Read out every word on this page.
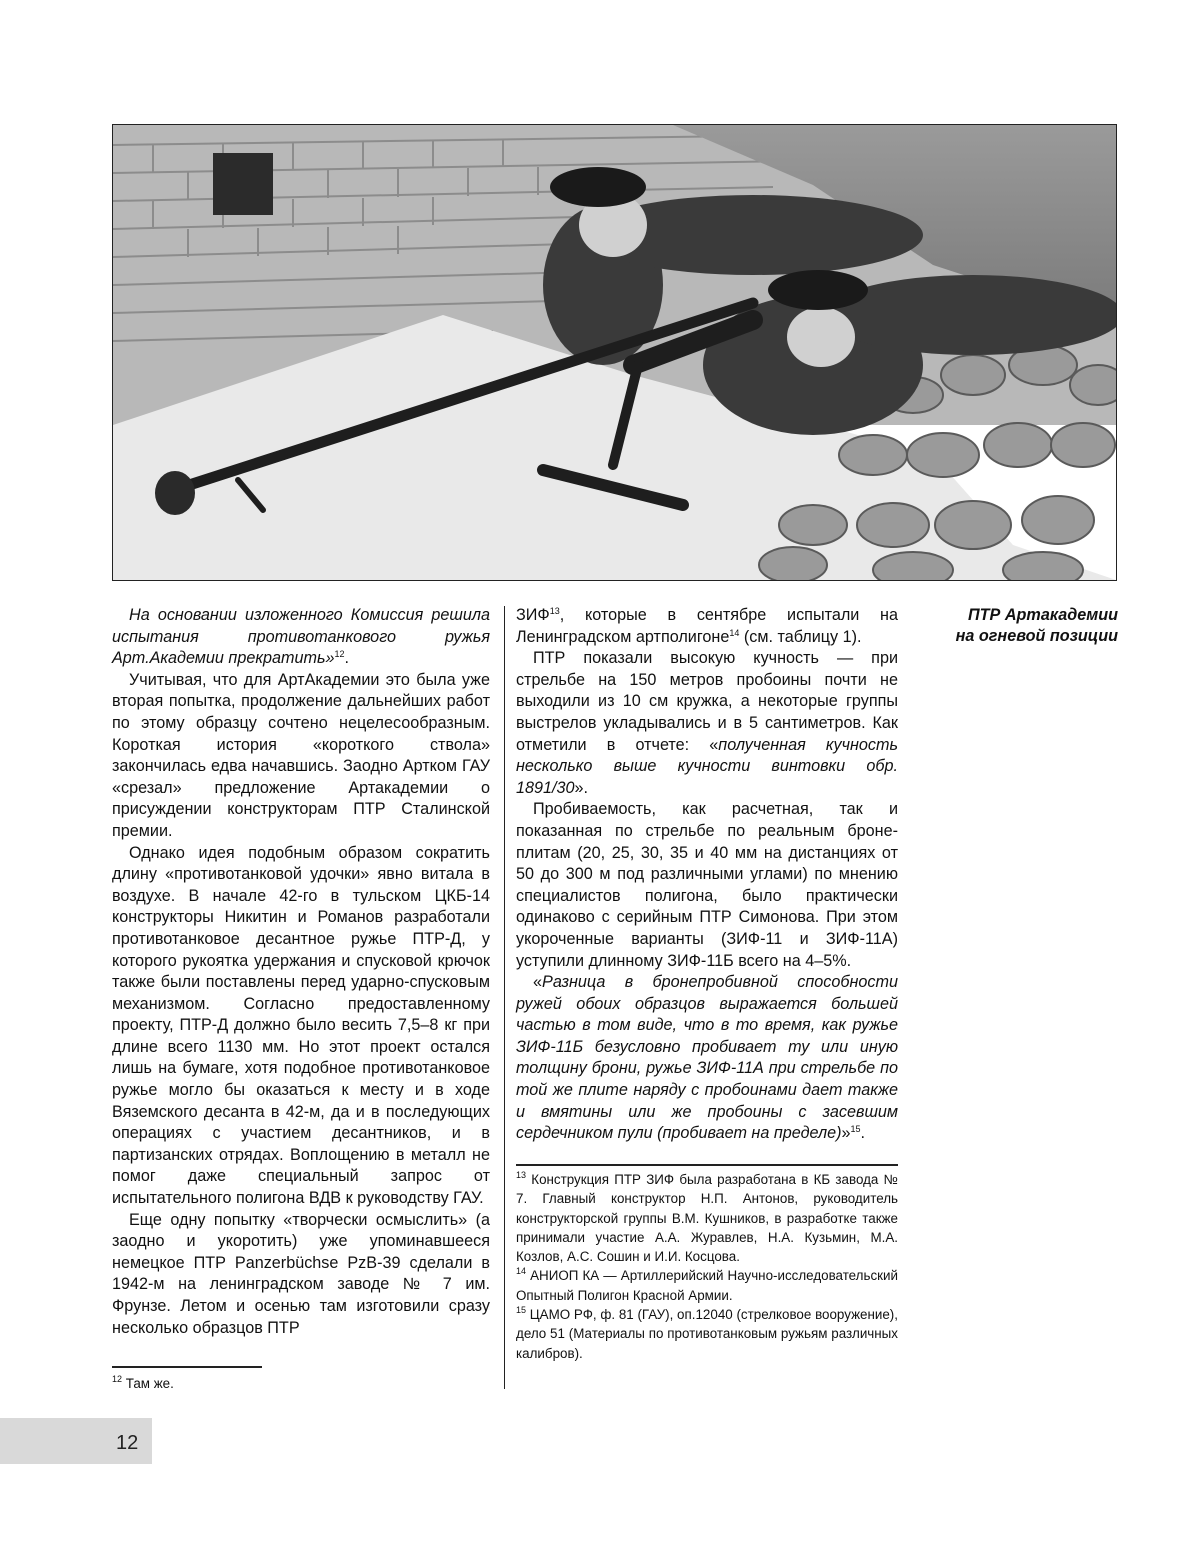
ПТР Артакадемии
на огневой позиции

На основании изложенного Комиссия решила испытания противотанкового ружья Арт.Академии прекратить»$^{12}$.

Учитывая, что для АртАкадемии это была уже вторая попытка, продолжение дальнейших работ по этому образцу сочтено нецелесообразным. Короткая история «короткого ствола» закончилась едва начавшись. Заодно Артком ГАУ «срезал» предложение Артакадемии о присуждении конструкторам ПТР Сталинской премии.

Однако идея подобным образом сократить длину «противотанковой удочки» явно витала в воздухе. В начале 42-го в тульском ЦКБ-14 конструкторы Никитин и Романов разработали противотанковое десантное ружье ПТР-Д, у которого рукоятка удержания и спусковой крючок также были поставлены перед ударно-спусковым механизмом. Согласно предоставленному проекту, ПТР-Д должно было весить 7,5–8 кг при длине всего 1130 мм. Но этот проект остался лишь на бумаге, хотя подобное противотанковое ружье могло бы оказаться к месту и в ходе Вяземского десанта в 42-м, да и в последующих операциях с участием десантников, и в партизанских отрядах. Воплощению в металл не помог даже специальный запрос от испытательного полигона ВДВ к руководству ГАУ.

Еще одну попытку «творчески осмыслить» (а заодно и укоротить) уже упоминавшееся немецкое ПТР Panzerbüchse PzB-39 сделали в 1942-м на ленинградском заводе № 7 им. Фрунзе. Летом и осенью там изготовили сразу несколько образцов ПТР

$^{12}$ Там же.

ЗИФ$^{13}$, которые в сентябре испытали на Ленинградском артполигоне$^{14}$ (см. таблицу 1).

ПТР показали высокую кучность — при стрельбе на 150 метров пробоины почти не выходили из 10 см кружка, а некоторые группы выстрелов укладывались и в 5 сантиметров. Как отметили в отчете: «полученная кучность несколько выше кучности винтовки обр. 1891/30».

Пробиваемость, как расчетная, так и показанная по стрельбе по реальным броне-плитам (20, 25, 30, 35 и 40 мм на дистанциях от 50 до 300 м под различными углами) по мнению специалистов полигона, было практически одинаково с серийным ПТР Симонова. При этом укороченные варианты (ЗИФ-11 и ЗИФ-11А) уступили длинному ЗИФ-11Б всего на 4–5%.

«Разница в бронепробивной способности ружей обоих образцов выражается большей частью в том виде, что в то время, как ружье ЗИФ-11Б безусловно пробивает ту или иную толщину брони, ружье ЗИФ-11А при стрельбе по той же плите наряду с пробоинами дает также и вмятины или же пробоины с засевшим сердечником пули (пробивает на пределе)»$^{15}$.

$^{13}$ Конструкция ПТР ЗИФ была разработана в КБ завода № 7. Главный конструктор Н.П. Антонов, руководитель конструкторской группы В.М. Кушников, в разработке также принимали участие А.А. Журавлев, Н.А. Кузьмин, М.А. Козлов, А.С. Сошин и И.И. Косцова.

$^{14}$ АНИОП КА — Артиллерийский Научно-исследовательский Опытный Полигон Красной Армии.

$^{15}$ ЦАМО РФ, ф. 81 (ГАУ), оп.12040 (стрелковое вооружение), дело 51 (Материалы по противотанковым ружьям различных калибров).

12
